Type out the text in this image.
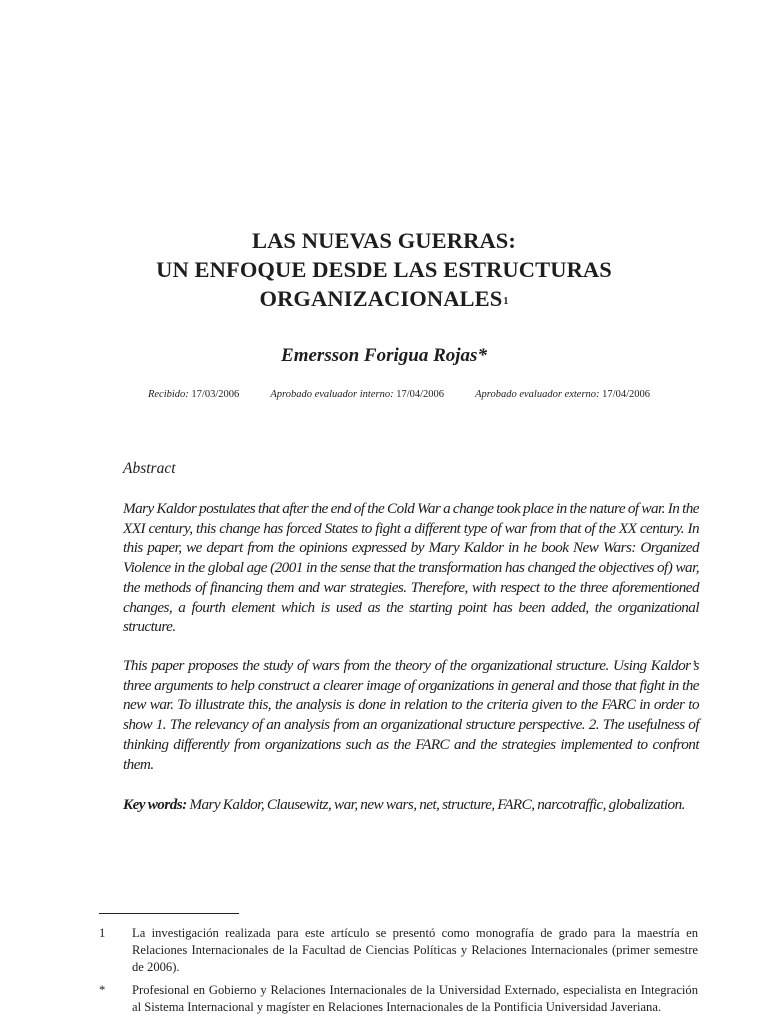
LAS NUEVAS GUERRAS:
UN ENFOQUE DESDE LAS ESTRUCTURAS
ORGANIZACIONALES$^1$
Emersson Forigua Rojas*
Recibido: 17/03/2006	Aprobado evaluador interno: 17/04/2006	Aprobado evaluador externo: 17/04/2006
Abstract
Mary Kaldor postulates that after the end of the Cold War a change took place in the nature of war. In the XXI century, this change has forced States to fight a different type of war from that of the XX century. In this paper, we depart from the opinions expressed by Mary Kaldor in he book New Wars: Organized Violence in the global age (2001 in the sense that the transformation has changed the objectives of) war, the methods of financing them and war strategies. Therefore, with respect to the three aforementioned changes, a fourth element which is used as the starting point has been added, the organizational structure.
This paper proposes the study of wars from the theory of the organizational structure. Using Kaldor’s three arguments to help construct a clearer image of organizations in general and those that fight in the new war. To illustrate this, the analysis is done in relation to the criteria given to the FARC in order to show 1. The relevancy of an analysis from an organizational structure perspective. 2. The usefulness of thinking differently from organizations such as the FARC and the strategies implemented to confront them.
Key words: Mary Kaldor, Clausewitz, war, new wars, net, structure, FARC, narcotraffic, globalization.
1 La investigación realizada para este artículo se presentó como monografía de grado para la maestría en Relaciones Internacionales de la Facultad de Ciencias Políticas y Relaciones Internacionales (primer semestre de 2006).
* Profesional en Gobierno y Relaciones Internacionales de la Universidad Externado, especialista en Integración al Sistema Internacional y magíster en Relaciones Internacionales de la Pontificia Universidad Javeriana.
